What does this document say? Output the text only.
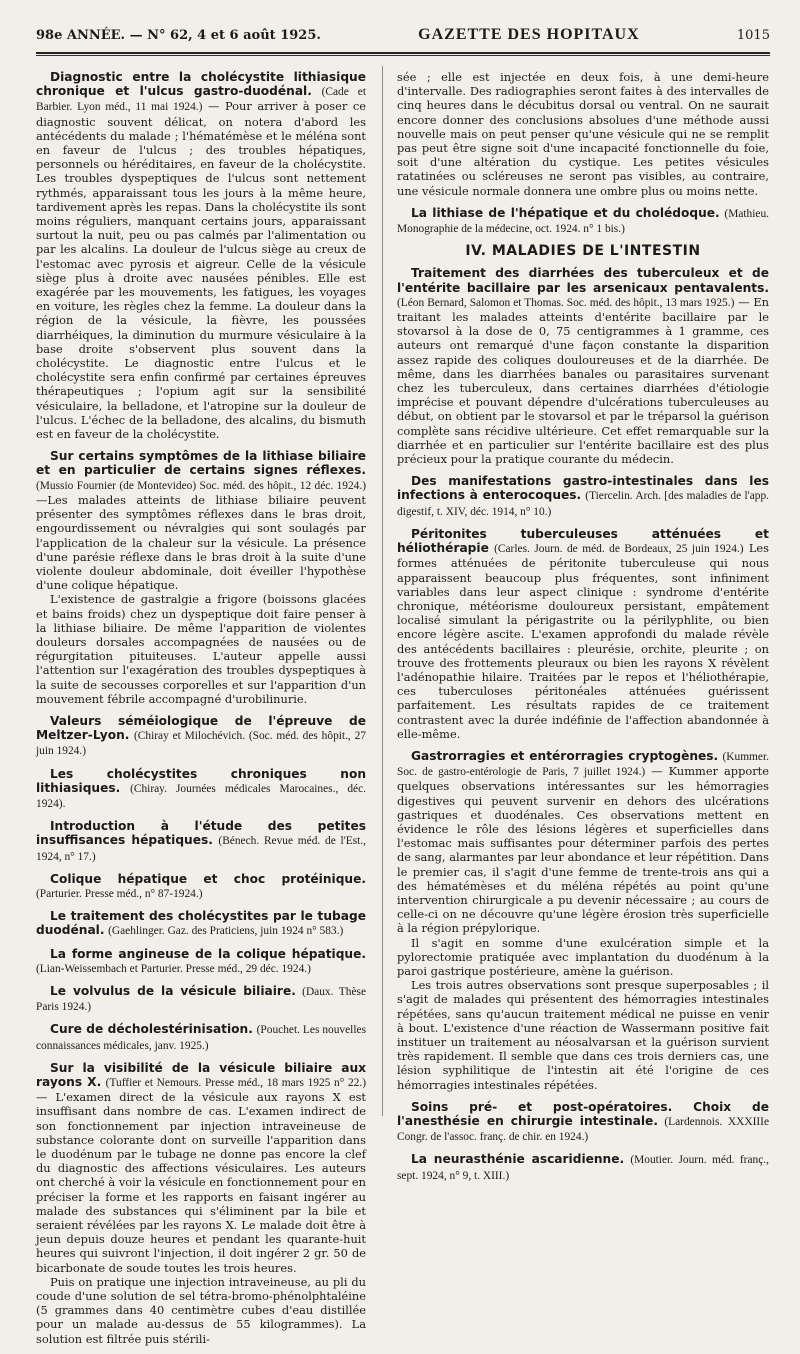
98e ANNÉE. — N° 62, 4 et 6 août 1925.	GAZETTE DES HOPITAUX	1015

Diagnostic entre la cholécystite lithiasique chronique et l'ulcus gastro-duodénal. (Cade et Barbier. Lyon méd., 11 mai 1924.) — Pour arriver à poser ce diagnostic souvent délicat, on notera d'abord les antécédents du malade ; l'hématémèse et le méléna sont en faveur de l'ulcus ; des troubles hépatiques, personnels ou héréditaires, en faveur de la cholécystite. Les troubles dyspeptiques de l'ulcus sont nettement rythmés, apparaissant tous les jours à la même heure, tardivement après les repas. Dans la cholécystite ils sont moins réguliers, manquant certains jours, apparaissant surtout la nuit, peu ou pas calmés par l'alimentation ou par les alcalins. La douleur de l'ulcus siège au creux de l'estomac avec pyrosis et aigreur. Celle de la vésicule siège plus à droite avec nausées pénibles. Elle est exagérée par les mouvements, les fatigues, les voyages en voiture, les règles chez la femme. La douleur dans la région de la vésicule, la fièvre, les poussées diarrhéiques, la diminution du murmure vésiculaire à la base droite s'observent plus souvent dans la cholécystite. Le diagnostic entre l'ulcus et le cholécystite sera enfin confirmé par certaines épreuves thérapeutiques ; l'opium agit sur la sensibilité vésiculaire, la belladone, et l'atropine sur la douleur de l'ulcus. L'échec de la belladone, des alcalins, du bismuth est en faveur de la cholécystite.

Sur certains symptômes de la lithiase biliaire et en particulier de certains signes réflexes. (Mussio Fournier (de Montevideo) Soc. méd. des hôpit., 12 déc. 1924.) —Les malades atteints de lithiase biliaire peuvent présenter des symptômes réflexes dans le bras droit, engourdissement ou névralgies qui sont soulagés par l'application de la chaleur sur la vésicule. La présence d'une parésie réflexe dans le bras droit à la suite d'une violente douleur abdominale, doit éveiller l'hypothèse d'une colique hépatique.

L'existence de gastralgie a frigore (boissons glacées et bains froids) chez un dyspeptique doit faire penser à la lithiase biliaire. De même l'apparition de violentes douleurs dorsales accompagnées de nausées ou de régurgitation pituiteuses. L'auteur appelle aussi l'attention sur l'exagération des troubles dyspeptiques à la suite de secousses corporelles et sur l'apparition d'un mouvement fébrile accompagné d'urobilinurie.

Valeurs séméiologique de l'épreuve de Meltzer-Lyon. (Chiray et Milochévich. (Soc. méd. des hôpit., 27 juin 1924.)

Les cholécystites chroniques non lithiasiques. (Chiray. Journées médicales Marocaines., déc. 1924).

Introduction à l'étude des petites insuffisances hépatiques. (Bénech. Revue méd. de l'Est., 1924, n° 17.)

Colique hépatique et choc protéinique. (Parturier. Presse méd., n° 87-1924.)

Le traitement des cholécystites par le tubage duodénal. (Gaehlinger. Gaz. des Praticiens, juin 1924 n° 583.)

La forme angineuse de la colique hépatique. (Lian-Weissembach et Parturier. Presse méd., 29 déc. 1924.)

Le volvulus de la vésicule biliaire. (Daux. Thèse Paris 1924.)

Cure de décholestérinisation. (Pouchet. Les nouvelles connaissances médicales, janv. 1925.)

Sur la visibilité de la vésicule biliaire aux rayons X. (Tuffier et Nemours. Presse méd., 18 mars 1925 n° 22.) — L'examen direct de la vésicule aux rayons X est insuffisant dans nombre de cas. L'examen indirect de son fonctionnement par injection intraveineuse de substance colorante dont on surveille l'apparition dans le duodénum par le tubage ne donne pas encore la clef du diagnostic des affections vésiculaires. Les auteurs ont cherché à voir la vésicule en fonctionnement pour en préciser la forme et les rapports en faisant ingérer au malade des substances qui s'éliminent par la bile et seraient révélées par les rayons X. Le malade doit être à jeun depuis douze heures et pendant les quarante-huit heures qui suivront l'injection, il doit ingérer 2 gr. 50 de bicarbonate de soude toutes les trois heures.

Puis on pratique une injection intraveineuse, au pli du coude d'une solution de sel tétra-bromo-phénolphtaléine (5 grammes dans 40 centimètre cubes d'eau distillée pour un malade au-dessus de 55 kilogrammes). La solution est filtrée puis stérili-

sée ; elle est injectée en deux fois, à une demi-heure d'intervalle. Des radiographies seront faites à des intervalles de cinq heures dans le décubitus dorsal ou ventral. On ne saurait encore donner des conclusions absolues d'une méthode aussi nouvelle mais on peut penser qu'une vésicule qui ne se remplit pas peut être signe soit d'une incapacité fonctionnelle du foie, soit d'une altération du cystique. Les petites vésicules ratatinées ou scléreuses ne seront pas visibles, au contraire, une vésicule normale donnera une ombre plus ou moins nette.

La lithiase de l'hépatique et du cholédoque. (Mathieu. Monographie de la médecine, oct. 1924. n° 1 bis.)

IV. MALADIES DE L'INTESTIN

Traitement des diarrhées des tuberculeux et de l'entérite bacillaire par les arsenicaux pentavalents. (Léon Bernard, Salomon et Thomas. Soc. méd. des hôpit., 13 mars 1925.) — En traitant les malades atteints d'entérite bacillaire par le stovarsol à la dose de 0, 75 centigrammes à 1 gramme, ces auteurs ont remarqué d'une façon constante la disparition assez rapide des coliques douloureuses et de la diarrhée. De même, dans les diarrhées banales ou parasitaires survenant chez les tuberculeux, dans certaines diarrhées d'étiologie imprécise et pouvant dépendre d'ulcérations tuberculeuses au début, on obtient par le stovarsol et par le tréparsol la guérison complète sans récidive ultérieure. Cet effet remarquable sur la diarrhée et en particulier sur l'entérite bacillaire est des plus précieux pour la pratique courante du médecin.

Des manifestations gastro-intestinales dans les infections à enterocoques. (Tiercelin. Arch. [des maladies de l'app. digestif, t. XIV, déc. 1914, n° 10.)

Péritonites tuberculeuses atténuées et héliothérapie (Carles. Journ. de méd. de Bordeaux, 25 juin 1924.) Les formes atténuées de péritonite tuberculeuse qui nous apparaissent beaucoup plus fréquentes, sont infiniment variables dans leur aspect clinique : syndrome d'entérite chronique, météorisme douloureux persistant, empâtement localisé simulant la périgastrite ou la périlyphlite, ou bien encore légère ascite. L'examen approfondi du malade révèle des antécédents bacillaires : pleurésie, orchite, pleurite ; on trouve des frottements pleuraux ou bien les rayons X révèlent l'adénopathie hilaire. Traitées par le repos et l'héliothérapie, ces tuberculoses péritonéales atténuées guérissent parfaitement. Les résultats rapides de ce traitement contrastent avec la durée indéfinie de l'affection abandonnée à elle-même.

Gastrorragies et entérorragies cryptogènes. (Kummer. Soc. de gastro-entérologie de Paris, 7 juillet 1924.) — Kummer apporte quelques observations intéressantes sur les hémorragies digestives qui peuvent survenir en dehors des ulcérations gastriques et duodénales. Ces observations mettent en évidence le rôle des lésions légères et superficielles dans l'estomac mais suffisantes pour déterminer parfois des pertes de sang, alarmantes par leur abondance et leur répétition. Dans le premier cas, il s'agit d'une femme de trente-trois ans qui a des hématémèses et du méléna répétés au point qu'une intervention chirurgicale a pu devenir nécessaire ; au cours de celle-ci on ne découvre qu'une légère érosion très superficielle à la région prépylorique.

Il s'agit en somme d'une exulcération simple et la pylorectomie pratiquée avec implantation du duodénum à la paroi gastrique postérieure, amène la guérison.

Les trois autres observations sont presque superposables ; il s'agit de malades qui présentent des hémorragies intestinales répétées, sans qu'aucun traitement médical ne puisse en venir à bout. L'existence d'une réaction de Wassermann positive fait instituer un traitement au néosalvarsan et la guérison survient très rapidement. Il semble que dans ces trois derniers cas, une lésion syphilitique de l'intestin ait été l'origine de ces hémorragies intestinales répétées.

Soins pré- et post-opératoires. Choix de l'anesthésie en chirurgie intestinale. (Lardennois. XXXIIIe Congr. de l'assoc. franç. de chir. en 1924.)

La neurasthénie ascaridienne. (Moutier. Journ. méd. franç., sept. 1924, n° 9, t. XIII.)
